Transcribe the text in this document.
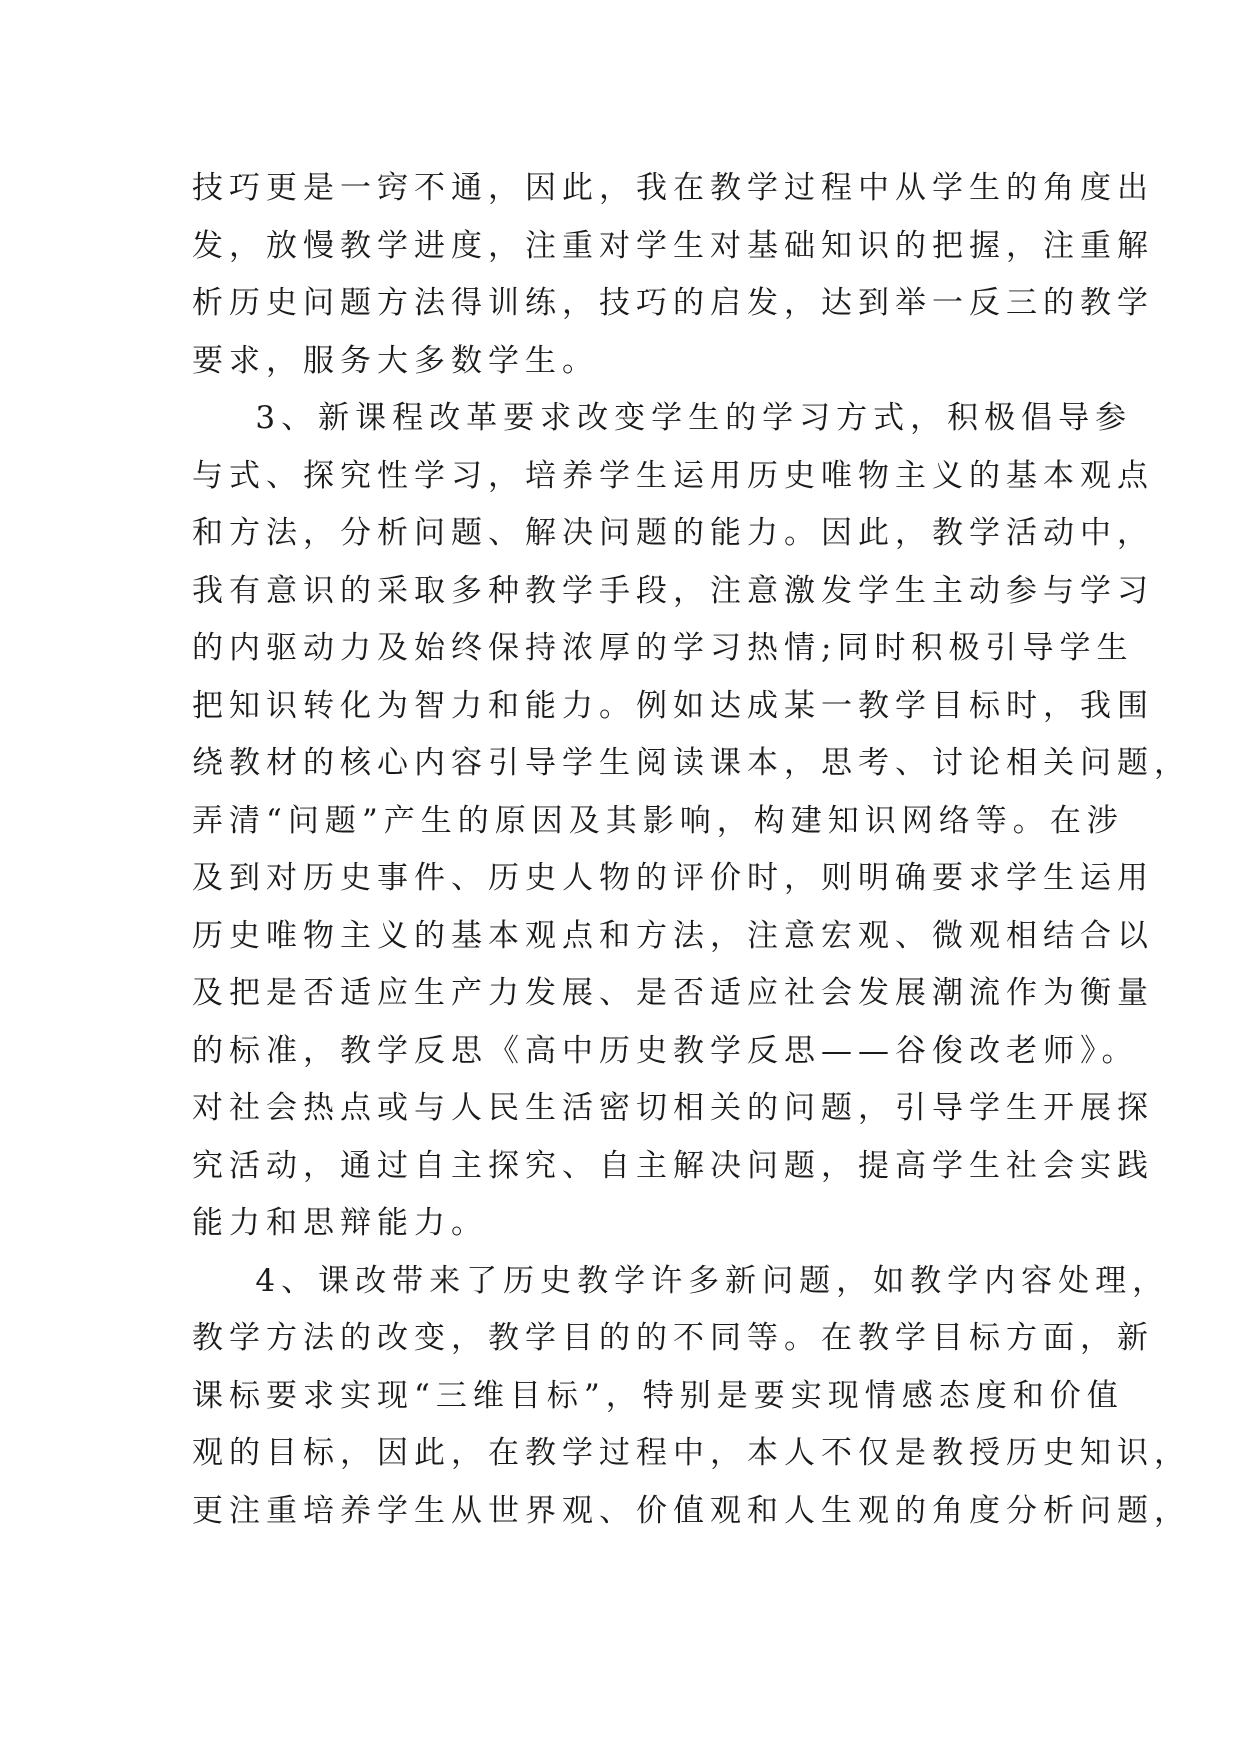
技巧更是一窍不通，因此，我在教学过程中从学生的角度出
发，放慢教学进度，注重对学生对基础知识的把握，注重解
析历史问题方法得训练，技巧的启发，达到举一反三的教学
要求，服务大多数学生。
3、新课程改革要求改变学生的学习方式，积极倡导参
与式、探究性学习，培养学生运用历史唯物主义的基本观点
和方法，分析问题、解决问题的能力。因此，教学活动中，
我有意识的采取多种教学手段，注意激发学生主动参与学习
的内驱动力及始终保持浓厚的学习热情;同时积极引导学生
把知识转化为智力和能力。例如达成某一教学目标时，我围
绕教材的核心内容引导学生阅读课本，思考、讨论相关问题，
弄清“问题”产生的原因及其影响，构建知识网络等。在涉
及到对历史事件、历史人物的评价时，则明确要求学生运用
历史唯物主义的基本观点和方法，注意宏观、微观相结合以
及把是否适应生产力发展、是否适应社会发展潮流作为衡量
的标准，教学反思《高中历史教学反思——谷俊改老师》。
对社会热点或与人民生活密切相关的问题，引导学生开展探
究活动，通过自主探究、自主解决问题，提高学生社会实践
能力和思辩能力。
4、课改带来了历史教学许多新问题，如教学内容处理，
教学方法的改变，教学目的的不同等。在教学目标方面，新
课标要求实现“三维目标”，特别是要实现情感态度和价值
观的目标，因此，在教学过程中，本人不仅是教授历史知识，
更注重培养学生从世界观、价值观和人生观的角度分析问题，
